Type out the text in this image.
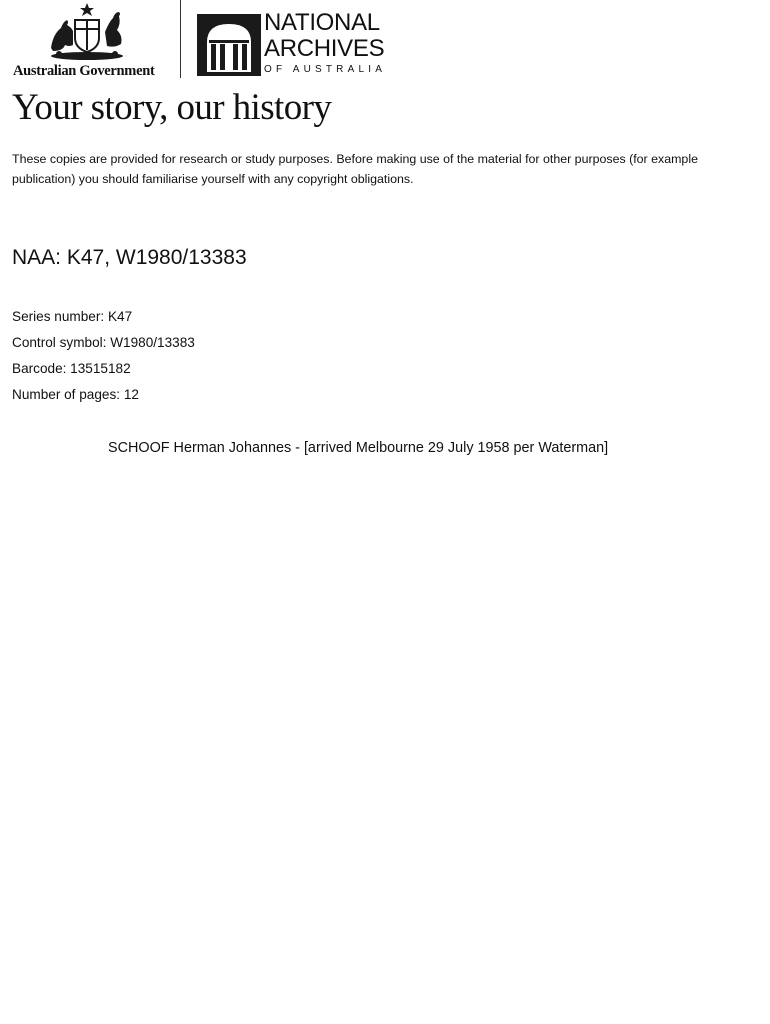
Australian Government
NATIONAL
ARCHIVES
OF AUSTRALIA
Your story, our history
These copies are provided for research or study purposes. Before making use of the material for other purposes (for example publication) you should familiarise yourself with any copyright obligations.
NAA: K47, W1980/13383
Series number: K47
Control symbol: W1980/13383
Barcode: 13515182
Number of pages: 12
SCHOOF Herman Johannes - [arrived Melbourne 29 July 1958 per Waterman]
